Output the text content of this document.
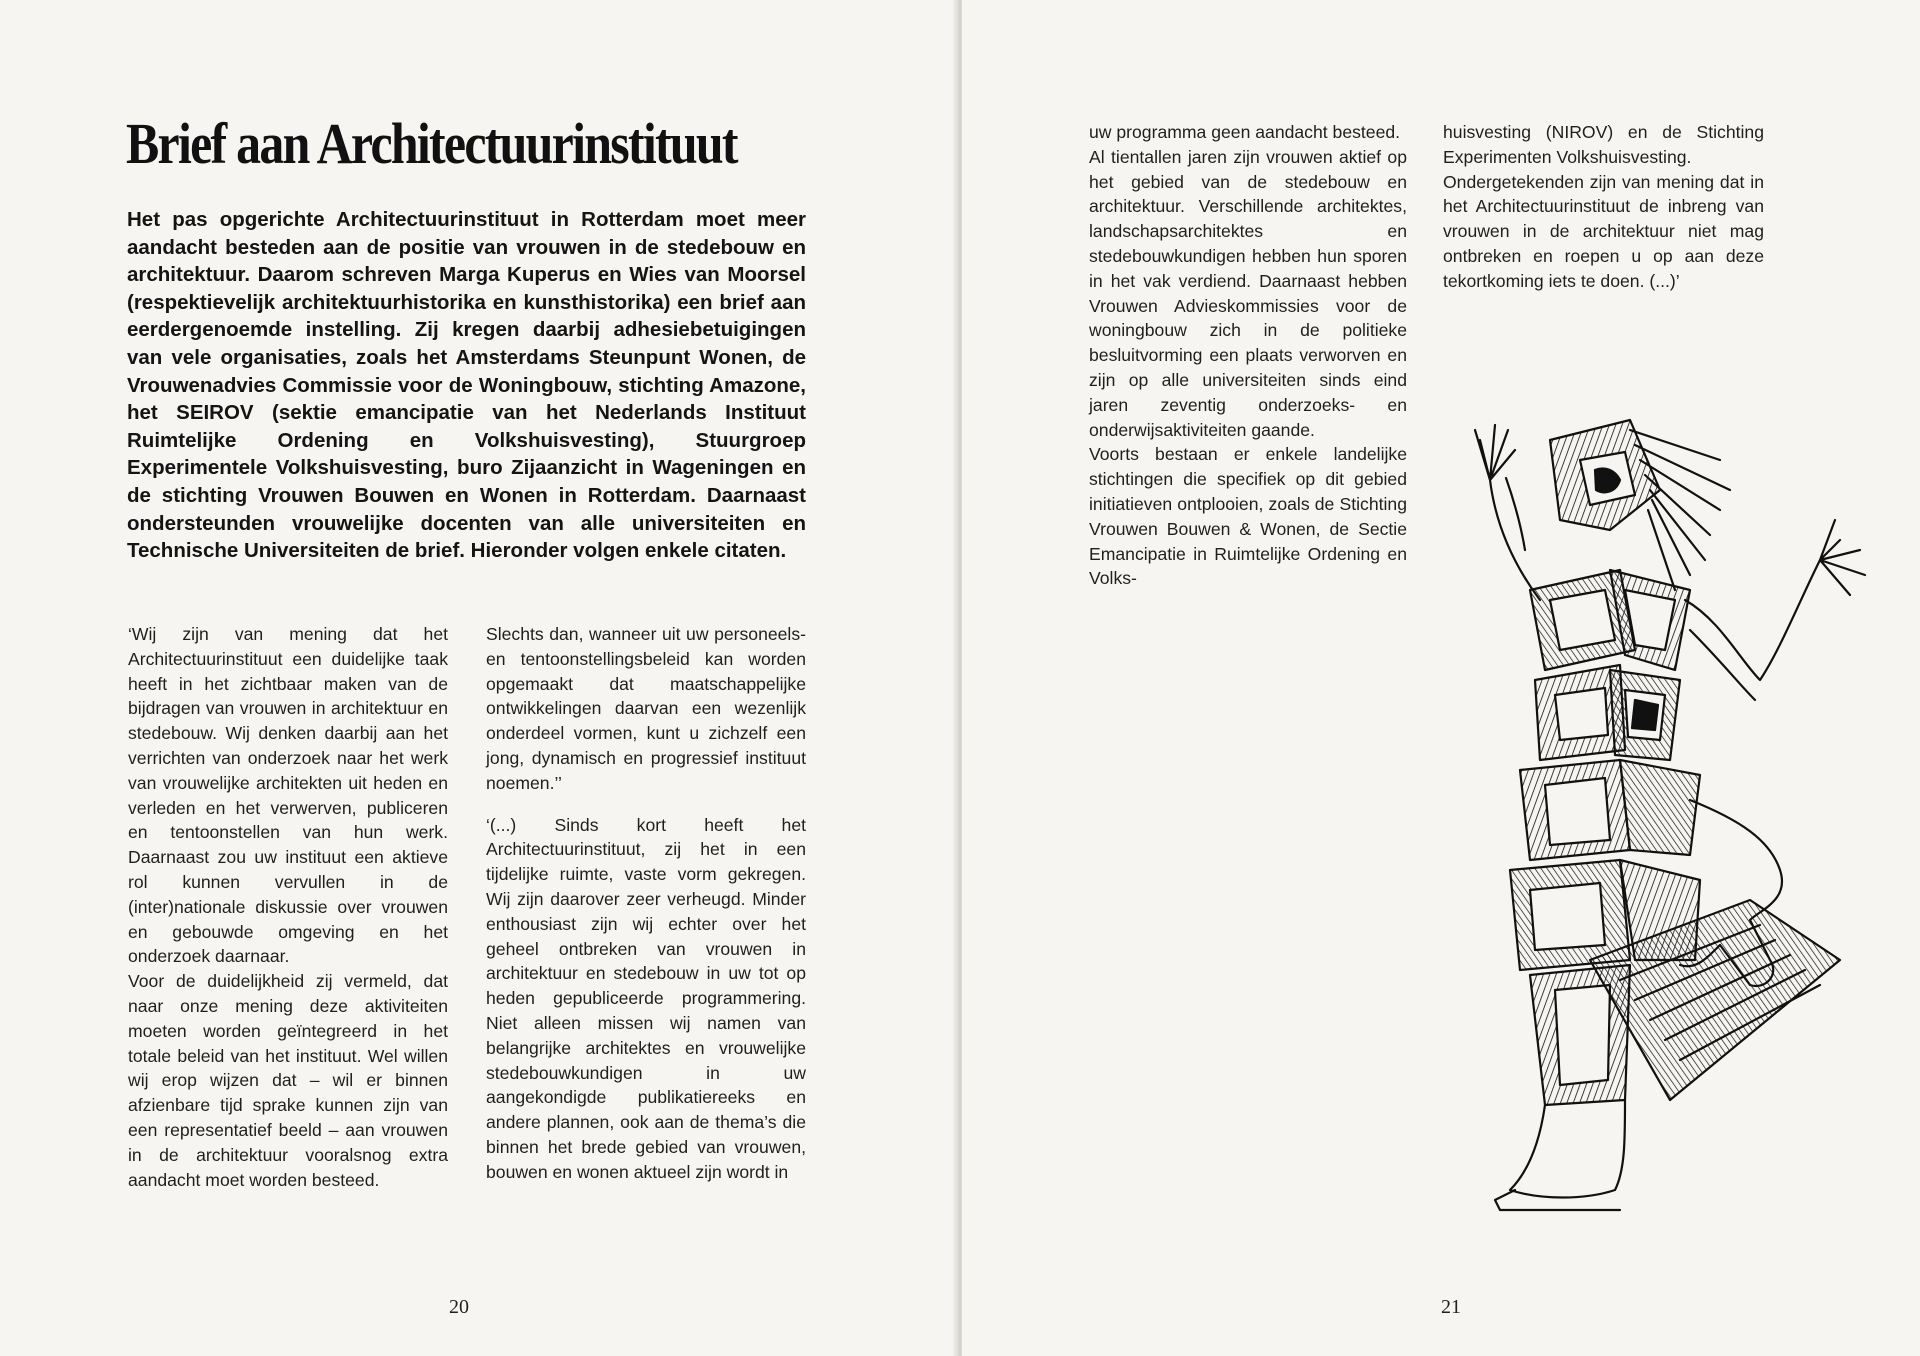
Brief aan Architectuurinstituut

Het pas opgerichte Architectuurinstituut in Rotterdam moet meer aandacht besteden aan de positie van vrouwen in de stedebouw en architektuur. Daarom schreven Marga Kuperus en Wies van Moorsel (respektievelijk architektuurhistorika en kunsthistorika) een brief aan eerdergenoemde instelling. Zij kregen daarbij adhesiebetuigingen van vele organisaties, zoals het Amsterdams Steunpunt Wonen, de Vrouwenadvies Commissie voor de Woningbouw, stichting Amazone, het SEIROV (sektie emancipatie van het Nederlands Instituut Ruimtelijke Ordening en Volkshuisvesting), Stuurgroep Experimentele Volkshuisvesting, buro Zijaanzicht in Wageningen en de stichting Vrouwen Bouwen en Wonen in Rotterdam. Daarnaast ondersteunden vrouwelijke docenten van alle universiteiten en Technische Universiteiten de brief. Hieronder volgen enkele citaten.

‘Wij zijn van mening dat het Architectuurinstituut een duidelijke taak heeft in het zichtbaar maken van de bijdragen van vrouwen in architektuur en stedebouw. Wij denken daarbij aan het verrichten van onderzoek naar het werk van vrouwelijke architekten uit heden en verleden en het verwerven, publiceren en tentoonstellen van hun werk. Daarnaast zou uw instituut een aktieve rol kunnen vervullen in de (inter)nationale diskussie over vrouwen en gebouwde omgeving en het onderzoek daarnaar.

Voor de duidelijkheid zij vermeld, dat naar onze mening deze aktiviteiten moeten worden geïntegreerd in het totale beleid van het instituut. Wel willen wij erop wijzen dat – wil er binnen afzienbare tijd sprake kunnen zijn van een representatief beeld – aan vrouwen in de architektuur vooralsnog extra aandacht moet worden besteed.

Slechts dan, wanneer uit uw personeels- en tentoonstellingsbeleid kan worden opgemaakt dat maatschappelijke ontwikkelingen daarvan een wezenlijk onderdeel vormen, kunt u zichzelf een jong, dynamisch en progressief instituut noemen.’’

‘(...) Sinds kort heeft het Architectuurinstituut, zij het in een tijdelijke ruimte, vaste vorm gekregen. Wij zijn daarover zeer verheugd. Minder enthousiast zijn wij echter over het geheel ontbreken van vrouwen in architektuur en stedebouw in uw tot op heden gepubliceerde programmering. Niet alleen missen wij namen van belangrijke architektes en vrouwelijke stedebouwkundigen in uw aangekondigde publikatiereeks en andere plannen, ook aan de thema’s die binnen het brede gebied van vrouwen, bouwen en wonen aktueel zijn wordt in

20

uw programma geen aandacht besteed.

Al tientallen jaren zijn vrouwen aktief op het gebied van de stedebouw en architektuur. Verschillende architektes, landschapsarchitektes en stedebouwkundigen hebben hun sporen in het vak verdiend. Daarnaast hebben Vrouwen Advieskommissies voor de woningbouw zich in de politieke besluitvorming een plaats verworven en zijn op alle universiteiten sinds eind jaren zeventig onderzoeks- en onderwijsaktiviteiten gaande.

Voorts bestaan er enkele landelijke stichtingen die specifiek op dit gebied initiatieven ontplooien, zoals de Stichting Vrouwen Bouwen & Wonen, de Sectie Emancipatie in Ruimtelijke Ordening en Volks-

huisvesting (NIROV) en de Stichting Experimenten Volkshuisvesting.

Ondergetekenden zijn van mening dat in het Architectuurinstituut de inbreng van vrouwen in de architektuur niet mag ontbreken en roepen u op aan deze tekortkoming iets te doen. (...)’

21
